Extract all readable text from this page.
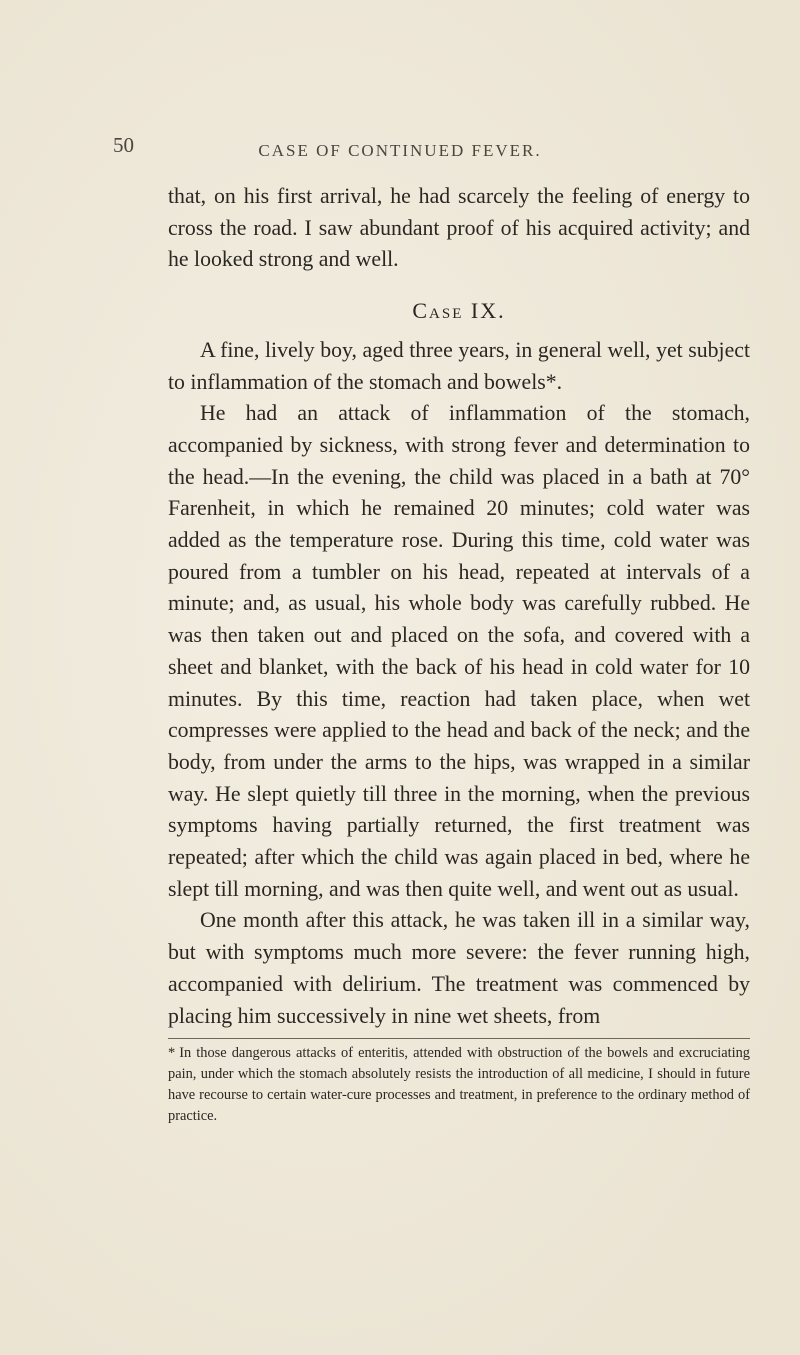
50	CASE OF CONTINUED FEVER.

that, on his first arrival, he had scarcely the feeling of energy to cross the road. I saw abundant proof of his acquired activity; and he looked strong and well.

Case IX.

A fine, lively boy, aged three years, in general well, yet subject to inflammation of the stomach and bowels*.

He had an attack of inflammation of the stomach, accompanied by sickness, with strong fever and determination to the head.—In the evening, the child was placed in a bath at 70° Farenheit, in which he remained 20 minutes; cold water was added as the temperature rose. During this time, cold water was poured from a tumbler on his head, repeated at intervals of a minute; and, as usual, his whole body was carefully rubbed. He was then taken out and placed on the sofa, and covered with a sheet and blanket, with the back of his head in cold water for 10 minutes. By this time, reaction had taken place, when wet compresses were applied to the head and back of the neck; and the body, from under the arms to the hips, was wrapped in a similar way. He slept quietly till three in the morning, when the previous symptoms having partially returned, the first treatment was repeated; after which the child was again placed in bed, where he slept till morning, and was then quite well, and went out as usual.

One month after this attack, he was taken ill in a similar way, but with symptoms much more severe: the fever running high, accompanied with delirium. The treatment was commenced by placing him successively in nine wet sheets, from

* In those dangerous attacks of enteritis, attended with obstruction of the bowels and excruciating pain, under which the stomach absolutely resists the introduction of all medicine, I should in future have recourse to certain water-cure processes and treatment, in preference to the ordinary method of practice.
